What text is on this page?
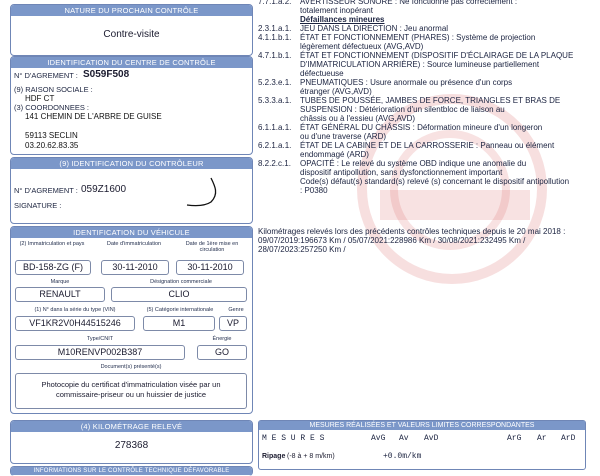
NATURE DU PROCHAIN CONTRÔLE
Contre-visite
IDENTIFICATION DU CENTRE DE CONTRÔLE
N° D'AGREMENT : S059F508
(9) RAISON SOCIALE :
HDF CT
(3) COORDONNEES :
141 CHEMIN DE L'ARBRE DE GUISE
59113 SECLIN
03.20.62.83.35
(9) IDENTIFICATION DU CONTRÔLEUR
N° D'AGREMENT : 059Z1600
SIGNATURE :
IDENTIFICATION DU VÉHICULE
(2) Immatriculation et pays	Date d'immatriculation	Date de 1ère mise en circulation
BD-158-ZG (F)	30-11-2010	30-11-2010
Marque	Désignation commerciale
RENAULT	CLIO
(1) N° dans la série du type (VIN)	(5) Catégorie internationale	Genre
VF1KR2V0H44515246	M1	VP
Type/CNIT	Énergie
M10RENVP002B387	GO
Document(s) présenté(s)
Photocopie du certificat d'immatriculation visée par un
commissaire-priseur ou un huissier de justice
(4) KILOMÉTRAGE RELEVÉ
278368
INFORMATIONS SUR LE CONTRÔLE TECHNIQUE DÉFAVORABLE
7.7.1.a.2. AVERTISSEUR SONORE : Ne fonctionne pas correctement :
totalement inopérant
Défaillances mineures
2.3.1.a.1. JEU DANS LA DIRECTION : Jeu anormal
4.1.1.b.1. ÉTAT ET FONCTIONNEMENT (PHARES) : Système de projection
légèrement défectueux (AVG,AVD)
4.7.1.b.1. ÉTAT ET FONCTIONNEMENT (DISPOSITIF D'ÉCLAIRAGE DE LA PLAQUE
D'IMMATRICULATION ARRIÈRE) : Source lumineuse partiellement
défectueuse
5.2.3.e.1. PNEUMATIQUES : Usure anormale ou présence d'un corps
étranger (AVG,AVD)
5.3.3.a.1. TUBES DE POUSSÉE, JAMBES DE FORCE, TRIANGLES ET BRAS DE
SUSPENSION : Détérioration d'un silentbloc de liaison au
châssis ou à l'essieu (AVG,AVD)
6.1.1.a.1. ÉTAT GÉNÉRAL DU CHÂSSIS : Déformation mineure d'un longeron
ou d'une traverse (ARD)
6.2.1.a.1. ÉTAT DE LA CABINE ET DE LA CARROSSERIE : Panneau ou élément
endommagé (ARD)
8.2.2.c.1. OPACITÉ : Le relevé du système OBD indique une anomalie du
dispositif antipollution, sans dysfonctionnement important
Code(s) défaut(s) standard(s) relevé (s) concernant le dispositif antipollution
: P0380
Kilométrages relevés lors des précédents contrôles techniques depuis le 20 mai 2018 :
09/07/2019:196673 Km / 05/07/2021:228986 Km / 30/08/2021:232495 Km /
28/07/2023:257250 Km /
MESURES RÉALISÉES ET VALEURS LIMITES CORRESPONDANTES
M E S U R E S	AvG Av AvD	ArG Ar ArD
Ripage (-8 à + 8 m/km)	+0.0m/km
